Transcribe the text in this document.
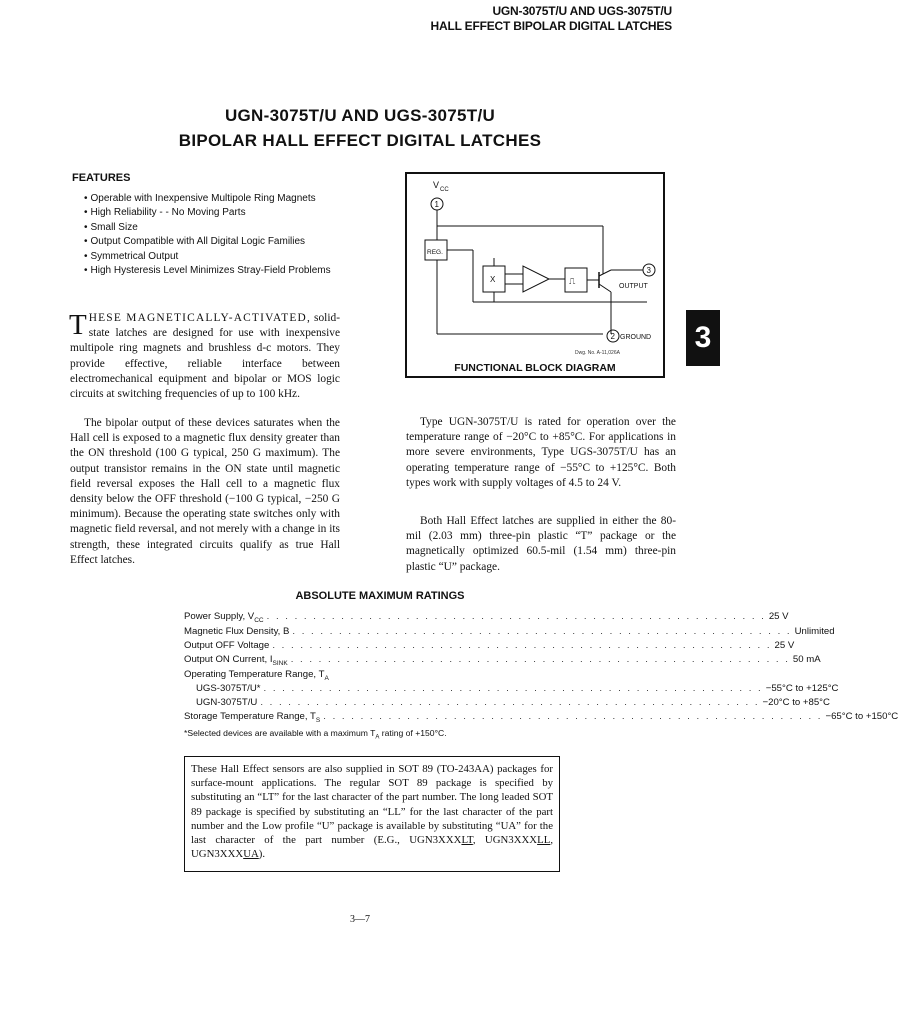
UGN-3075T/U AND UGS-3075T/U
HALL EFFECT BIPOLAR DIGITAL LATCHES
UGN-3075T/U AND UGS-3075T/U
BIPOLAR HALL EFFECT DIGITAL LATCHES
FEATURES
• Operable with Inexpensive Multipole Ring Magnets
• High Reliability - - No Moving Parts
• Small Size
• Output Compatible with All Digital Logic Families
• Symmetrical Output
• High Hysteresis Level Minimizes Stray-Field Problems
T HESE MAGNETICALLY-ACTIVATED, solid-state latches are designed for use with inexpensive multipole ring magnets and brushless d-c motors. They provide effective, reliable interface between electromechanical equipment and bipolar or MOS logic circuits at switching frequencies of up to 100 kHz.
The bipolar output of these devices saturates when the Hall cell is exposed to a magnetic flux density greater than the ON threshold (100 G typical, 250 G maximum). The output transistor remains in the ON state until magnetic field reversal exposes the Hall cell to a magnetic flux density below the OFF threshold (−100 G typical, −250 G minimum). Because the operating state switches only with magnetic field reversal, and not merely with a change in its strength, these integrated circuits qualify as true Hall Effect latches.
V CC
1
REG.
X	⎍
3
OUTPUT
2 GROUND
Dwg. No. A-11,026A
FUNCTIONAL BLOCK DIAGRAM
3
Type UGN-3075T/U is rated for operation over the temperature range of −20°C to +85°C. For applications in more severe environments, Type UGS-3075T/U has an operating temperature range of −55°C to +125°C. Both types work with supply voltages of 4.5 to 24 V.
Both Hall Effect latches are supplied in either the 80-mil (2.03 mm) three-pin plastic “T” package or the magnetically optimized 60.5-mil (1.54 mm) three-pin plastic “U” package.
ABSOLUTE MAXIMUM RATINGS
Power Supply, $V_{CC}$ . . . . . . . . . . . . . . . . . . . . . . . . . . . . . . . . . . . . . . . . . . . . . . . . . . . . . . 25 V
Magnetic Flux Density, B . . . . . . . . . . . . . . . . . . . . . . . . . . . . . . . . . . . . . . . . . . . . . . . . . . . . . . Unlimited
Output OFF Voltage . . . . . . . . . . . . . . . . . . . . . . . . . . . . . . . . . . . . . . . . . . . . . . . . . . . . . . 25 V
Output ON Current, $I_{SINK}$ . . . . . . . . . . . . . . . . . . . . . . . . . . . . . . . . . . . . . . . . . . . . . . . . . . . . . . 50 mA
Operating Temperature Range, $T_A$
UGS-3075T/U* . . . . . . . . . . . . . . . . . . . . . . . . . . . . . . . . . . . . . . . . . . . . . . . . . . . . . . −55°C to +125°C
UGN-3075T/U . . . . . . . . . . . . . . . . . . . . . . . . . . . . . . . . . . . . . . . . . . . . . . . . . . . . . . −20°C to +85°C
Storage Temperature Range, $T_S$ . . . . . . . . . . . . . . . . . . . . . . . . . . . . . . . . . . . . . . . . . . . . . . . . . . . . . . −65°C to +150°C
*Selected devices are available with a maximum $T_A$ rating of +150°C.
These Hall Effect sensors are also supplied in SOT 89 (TO-243AA) packages for surface-mount applications. The regular SOT 89 package is specified by substituting an “LT” for the last character of the part number. The long leaded SOT 89 package is specified by substituting an “LL” for the last character of the part number and the Low profile “U” package is available by substituting “UA” for the last character of the part number (E.G., UGN3XXXLT, UGN3XXXLL, UGN3XXXUA).
3—7
